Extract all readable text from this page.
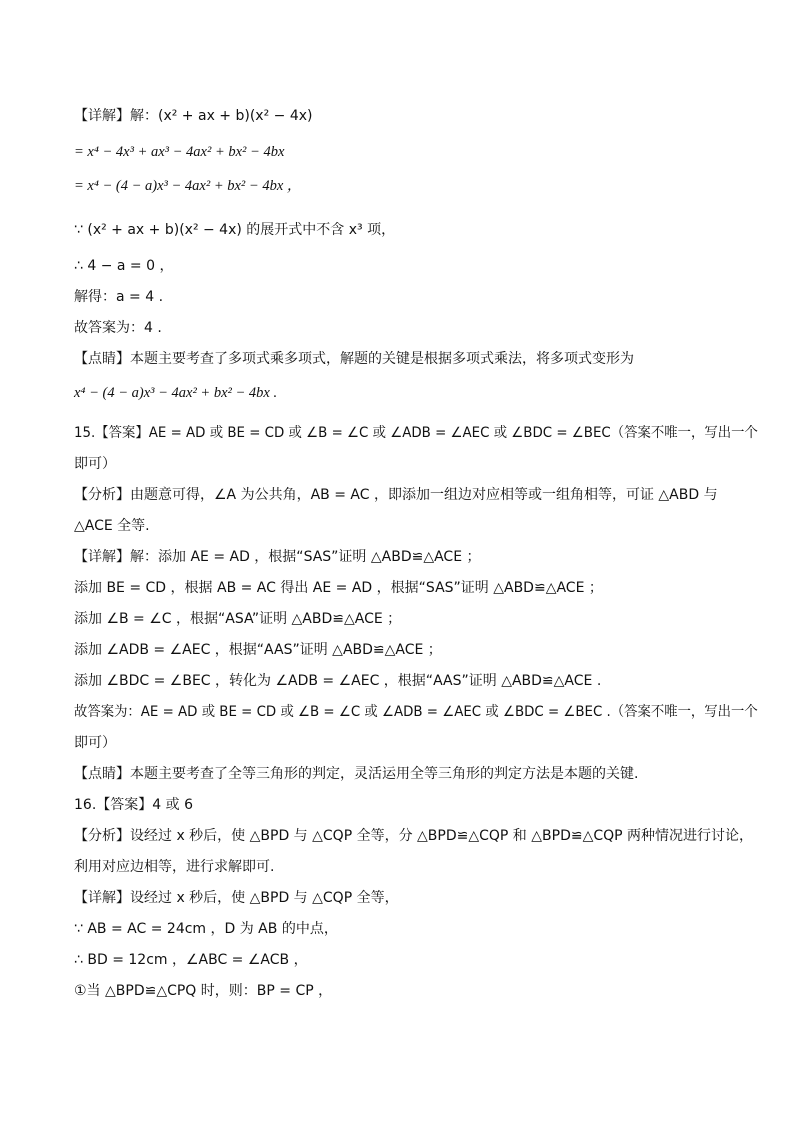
【详解】解：(x² + ax + b)(x² − 4x)
= x⁴ − 4x³ + ax³ − 4ax² + bx² − 4bx
= x⁴ − (4 − a)x³ − 4ax² + bx² − 4bx ，
∵ (x² + ax + b)(x² − 4x) 的展开式中不含 x³ 项，
∴ 4 − a = 0 ，
解得：a = 4 .
故答案为：4 .
【点睛】本题主要考查了多项式乘多项式，解题的关键是根据多项式乘法，将多项式变形为
x⁴ − (4 − a)x³ − 4ax² + bx² − 4bx .
15.【答案】AE = AD 或 BE = CD 或 ∠B = ∠C 或 ∠ADB = ∠AEC 或 ∠BDC = ∠BEC（答案不唯一，写出一个
即可）
【分析】由题意可得，∠A 为公共角，AB = AC ，即添加一组边对应相等或一组角相等，可证 △ABD 与
△ACE 全等.
【详解】解：添加 AE = AD ，根据“SAS”证明 △ABD≌△ACE ；
添加 BE = CD ，根据 AB = AC 得出 AE = AD ，根据“SAS”证明 △ABD≌△ACE ；
添加 ∠B = ∠C ，根据“ASA”证明 △ABD≌△ACE ；
添加 ∠ADB = ∠AEC ，根据“AAS”证明 △ABD≌△ACE ；
添加 ∠BDC = ∠BEC ，转化为 ∠ADB = ∠AEC ，根据“AAS”证明 △ABD≌△ACE .
故答案为：AE = AD 或 BE = CD 或 ∠B = ∠C 或 ∠ADB = ∠AEC 或 ∠BDC = ∠BEC .（答案不唯一，写出一个
即可）
【点睛】本题主要考查了全等三角形的判定，灵活运用全等三角形的判定方法是本题的关键.
16.【答案】4 或 6
【分析】设经过 x 秒后，使 △BPD 与 △CQP 全等，分 △BPD≌△CQP 和 △BPD≌△CQP 两种情况进行讨论，
利用对应边相等，进行求解即可.
【详解】设经过 x 秒后，使 △BPD 与 △CQP 全等，
∵ AB = AC = 24cm ，D 为 AB 的中点，
∴ BD = 12cm ，∠ABC = ∠ACB ，
①当 △BPD≌△CPQ 时，则：BP = CP ，
